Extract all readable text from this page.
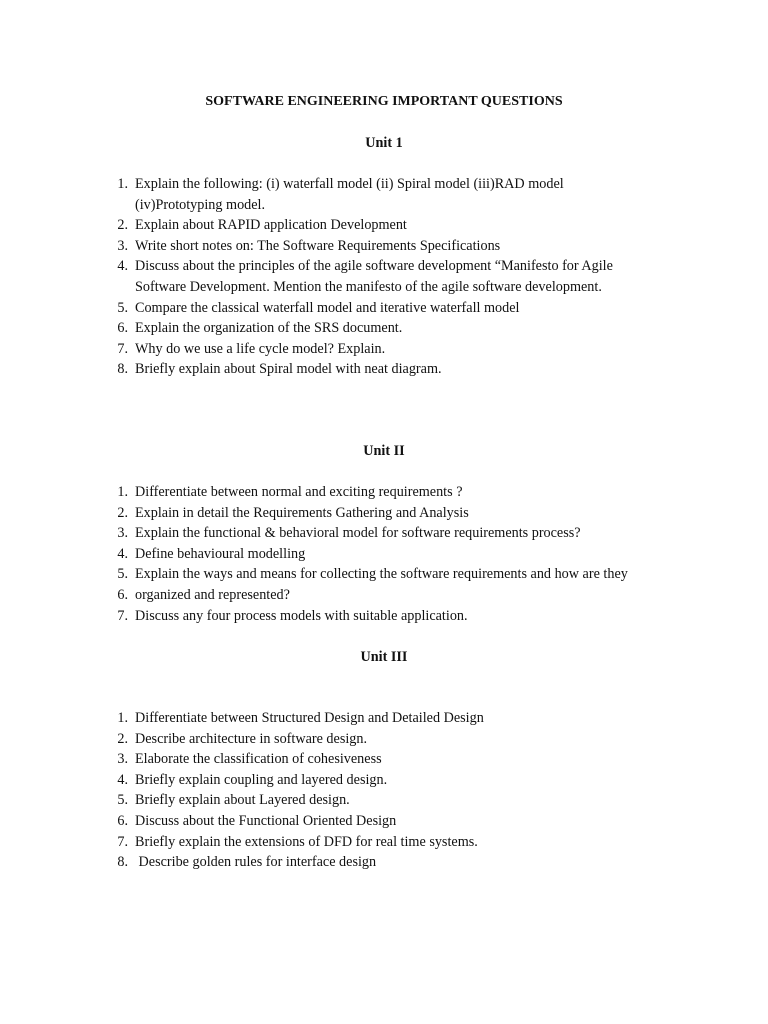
SOFTWARE ENGINEERING IMPORTANT QUESTIONS
Unit 1
1. Explain the following: (i) waterfall model (ii) Spiral model (iii)RAD model
(iv)Prototyping model.
2. Explain about RAPID application Development
3. Write short notes on: The Software Requirements Specifications
4. Discuss about the principles of the agile software development “Manifesto for Agile
Software Development. Mention the manifesto of the agile software development.
5. Compare the classical waterfall model and iterative waterfall model
6. Explain the organization of the SRS document.
7. Why do we use a life cycle model? Explain.
8. Briefly explain about Spiral model with neat diagram.
Unit II
1. Differentiate between normal and exciting requirements ?
2. Explain in detail the Requirements Gathering and Analysis
3. Explain the functional & behavioral model for software requirements process?
4. Define behavioural modelling
5. Explain the ways and means for collecting the software requirements and how are they
6. organized and represented?
7. Discuss any four process models with suitable application.
Unit III
1. Differentiate between Structured Design and Detailed Design
2. Describe architecture in software design.
3. Elaborate the classification of cohesiveness
4. Briefly explain coupling and layered design.
5. Briefly explain about Layered design.
6. Discuss about the Functional Oriented Design
7. Briefly explain the extensions of DFD for real time systems.
8. Describe golden rules for interface design
